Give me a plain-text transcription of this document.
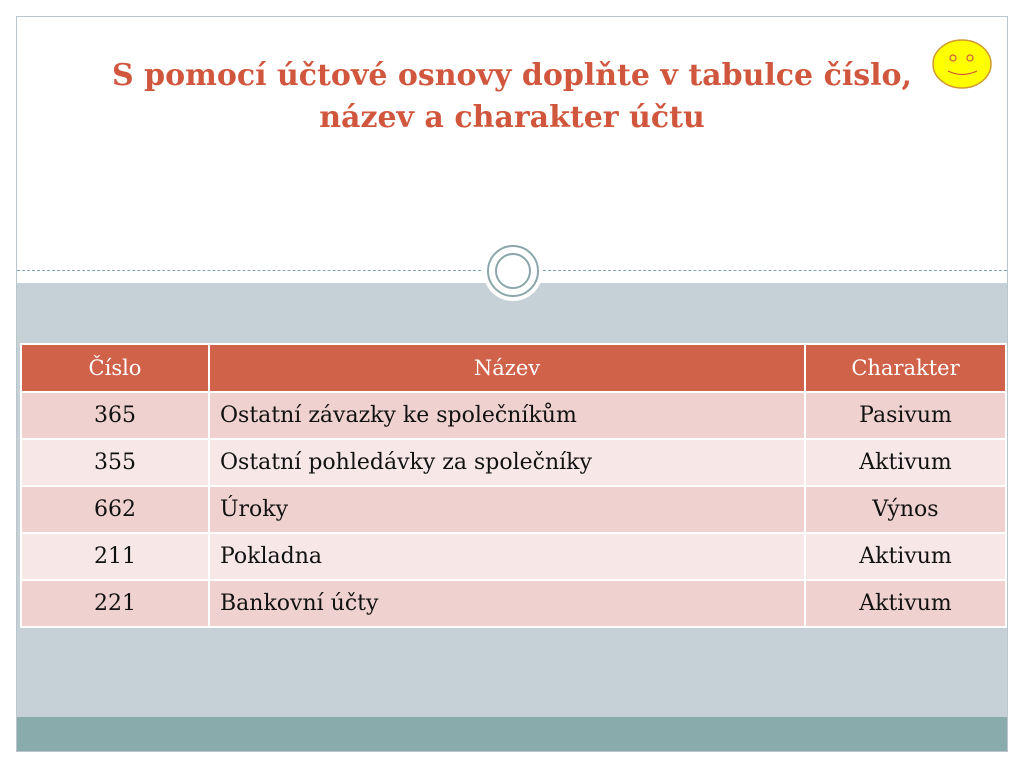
S pomocí účtové osnovy doplňte v tabulce číslo, název a charakter účtu
Číslo	Název	Charakter
365	Ostatní závazky ke společníkům	Pasivum
355	Ostatní pohledávky za společníky	Aktivum
662	Úroky	Výnos
211	Pokladna	Aktivum
221	Bankovní účty	Aktivum
